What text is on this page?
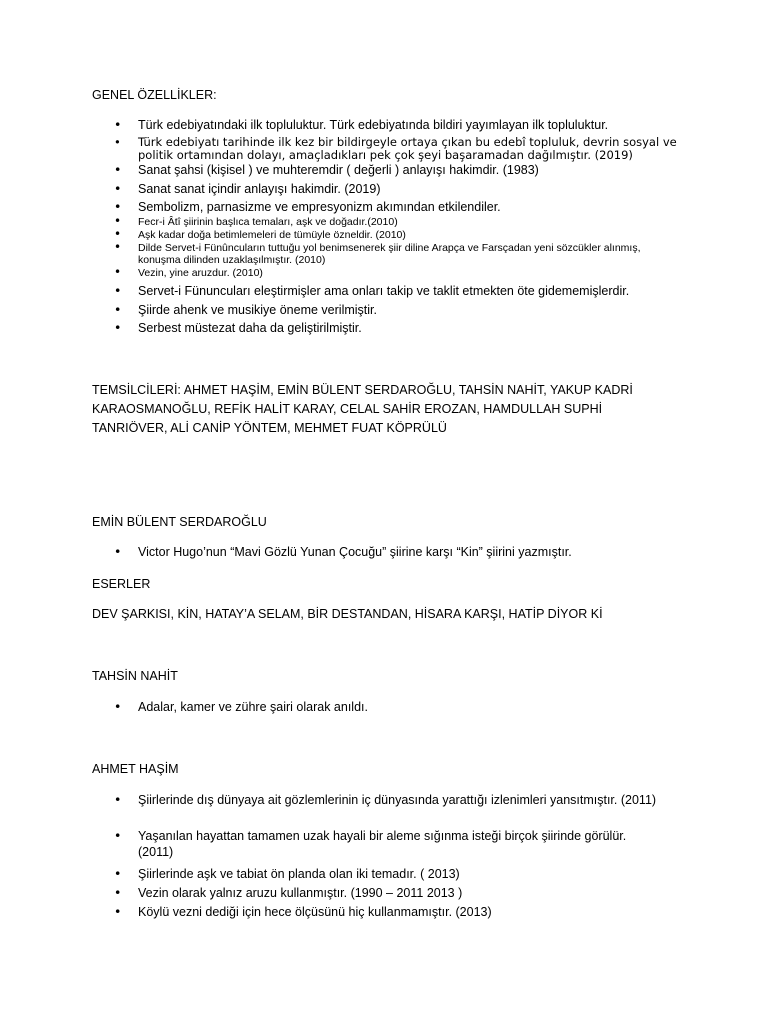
GENEL ÖZELLİKLER:
• Türk edebiyatındaki ilk topluluktur. Türk edebiyatında bildiri yayımlayan ilk topluluktur.
• Türk edebiyatı tarihinde ilk kez bir bildirgeyle ortaya çıkan bu edebî topluluk, devrin sosyal ve politik ortamından dolayı, amaçladıkları pek çok şeyi başaramadan dağılmıştır. (2019)
• Sanat şahsi (kişisel ) ve muhteremdir ( değerli ) anlayışı hakimdir. (1983)
• Sanat sanat içindir anlayışı hakimdir. (2019)
• Sembolizm, parnasizme ve empresyonizm akımından etkilendiler.
• Fecr-i Âtî şiirinin başlıca temaları, aşk ve doğadır.(2010)
• Aşk kadar doğa betimlemeleri de tümüyle özneldir. (2010)
• Dilde Servet-i Fünûncuların tuttuğu yol benimsenerek şiir diline Arapça ve Farsçadan yeni sözcükler alınmış, konuşma dilinden uzaklaşılmıştır. (2010)
• Vezin, yine aruzdur. (2010)
• Servet-i Fünuncuları eleştirmişler ama onları takip ve taklit etmekten öte gidememişlerdir.
• Şiirde ahenk ve musikiye öneme verilmiştir.
• Serbest müstezat daha da geliştirilmiştir.
TEMSİLCİLERİ: AHMET HAŞİM, EMİN BÜLENT SERDAROĞLU, TAHSİN NAHİT, YAKUP KADRİ KARAOSMANOĞLU, REFİK HALİT KARAY, CELAL SAHİR EROZAN, HAMDULLAH SUPHİ TANRIÖVER, ALİ CANİP YÖNTEM, MEHMET FUAT KÖPRÜLÜ
EMİN BÜLENT SERDAROĞLU
• Victor Hugo’nun “Mavi Gözlü Yunan Çocuğu” şiirine karşı “Kin” şiirini yazmıştır.
ESERLER
DEV ŞARKISI, KİN, HATAY’A SELAM, BİR DESTANDAN, HİSARA KARŞI, HATİP DİYOR Kİ
TAHSİN NAHİT
• Adalar, kamer ve zühre şairi olarak anıldı.
AHMET HAŞİM
• Şiirlerinde dış dünyaya ait gözlemlerinin iç dünyasında yarattığı izlenimleri yansıtmıştır. (2011)
• Yaşanılan hayattan tamamen uzak hayali bir aleme sığınma isteği birçok şiirinde görülür. (2011)
• Şiirlerinde aşk ve tabiat ön planda olan iki temadır. ( 2013)
• Vezin olarak yalnız aruzu kullanmıştır. (1990 – 2011 2013 )
• Köylü vezni dediği için hece ölçüsünü hiç kullanmamıştır. (2013)
